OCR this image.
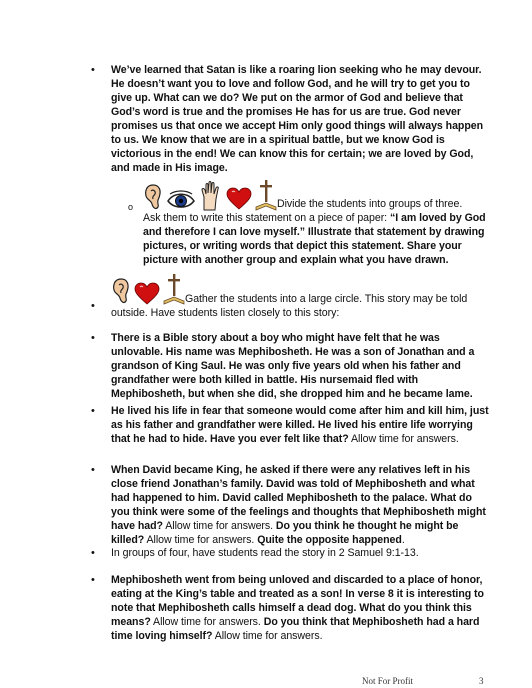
• We’ve learned that Satan is like a roaring lion seeking who he may devour. He doesn’t want you to love and follow God, and he will try to get you to give up. What can we do? We put on the armor of God and believe that God’s word is true and the promises He has for us are true. God never promises us that once we accept Him only good things will always happen to us. We know that we are in a spiritual battle, but we know God is victorious in the end! We can know this for certain; we are loved by God, and made in His image.
o	Divide the students into groups of three.
Ask them to write this statement on a piece of paper: “I am loved by God and therefore I can love myself.” Illustrate that statement by drawing pictures, or writing words that depict this statement. Share your picture with another group and explain what you have drawn.
•
Gather the students into a large circle. This story may be told outside. Have students listen closely to this story:
• There is a Bible story about a boy who might have felt that he was unlovable. His name was Mephibosheth. He was a son of Jonathan and a grandson of King Saul. He was only five years old when his father and grandfather were both killed in battle. His nursemaid fled with Mephibosheth, but when she did, she dropped him and he became lame.
• He lived his life in fear that someone would come after him and kill him, just as his father and grandfather were killed. He lived his entire life worrying that he had to hide. Have you ever felt like that? Allow time for answers.
• When David became King, he asked if there were any relatives left in his close friend Jonathan’s family. David was told of Mephibosheth and what had happened to him. David called Mephibosheth to the palace. What do you think were some of the feelings and thoughts that Mephibosheth might have had? Allow time for answers. Do you think he thought he might be killed? Allow time for answers. Quite the opposite happened.
• In groups of four, have students read the story in 2 Samuel 9:1-13.
• Mephibosheth went from being unloved and discarded to a place of honor, eating at the King’s table and treated as a son! In verse 8 it is interesting to note that Mephibosheth calls himself a dead dog. What do you think this means? Allow time for answers. Do you think that Mephibosheth had a hard time loving himself? Allow time for answers.
Not For Profit	3
